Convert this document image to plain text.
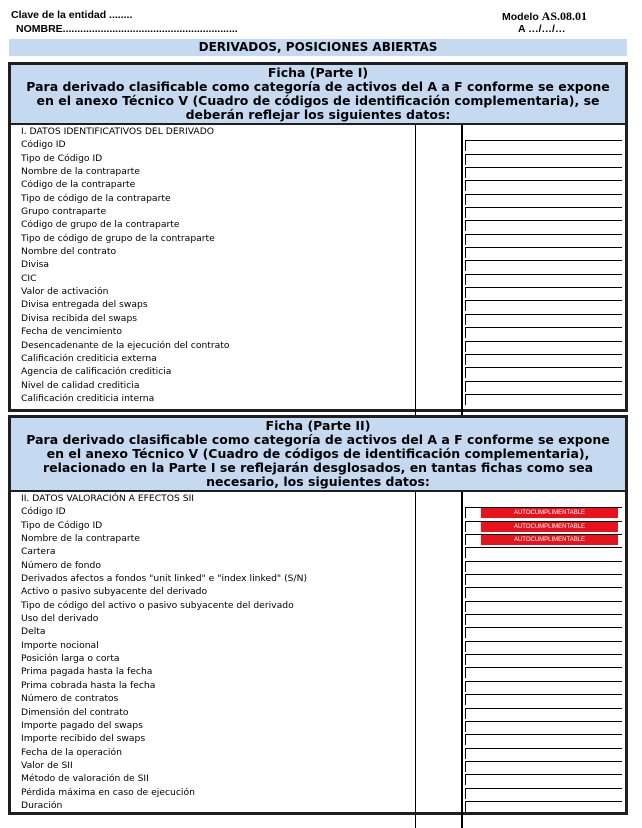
Clave de la entidad ........
NOMBRE............................................................
Modelo AS.08.01
A …/…/…
DERIVADOS, POSICIONES ABIERTAS
Ficha (Parte I)
Para derivado clasificable como categoría de activos del A a F conforme se expone en el anexo Técnico V (Cuadro de códigos de identificación complementaria), se deberán reflejar los siguientes datos:
I. DATOS IDENTIFICATIVOS DEL DERIVADO
Código ID
Tipo de Código ID
Nombre de la contraparte
Código de la contraparte
Tipo de código de la contraparte
Grupo contraparte
Código de grupo de la contraparte
Tipo de código de grupo de la contraparte
Nombre del contrato
Divisa
CIC
Valor de activación
Divisa entregada del swaps
Divisa recibida del swaps
Fecha de vencimiento
Desencadenante de la ejecución del contrato
Calificación crediticia externa
Agencia de calificación crediticia
Nivel de calidad crediticia
Calificación crediticia interna
Ficha (Parte II)
Para derivado clasificable como categoría de activos del A a F conforme se expone en el anexo Técnico V (Cuadro de códigos de identificación complementaria), relacionado en la Parte I se reflejarán desglosados, en tantas fichas como sea necesario, los siguientes datos:
II. DATOS VALORACIÓN A EFECTOS SII
Código ID	AUTOCUMPLIMENTABLE
Tipo de Código ID	AUTOCUMPLIMENTABLE
Nombre de la contraparte	AUTOCUMPLIMENTABLE
Cartera
Número de fondo
Derivados afectos a fondos "unit linked" e "index linked" (S/N)
Activo o pasivo subyacente del derivado
Tipo de código del activo o pasivo subyacente del derivado
Uso del derivado
Delta
Importe nocional
Posición larga o corta
Prima pagada hasta la fecha
Prima cobrada hasta la fecha
Número de contratos
Dimensión del contrato
Importe pagado del swaps
Importe recibido del swaps
Fecha de la operación
Valor de SII
Método de valoración de SII
Pérdida máxima en caso de ejecución
Duración
